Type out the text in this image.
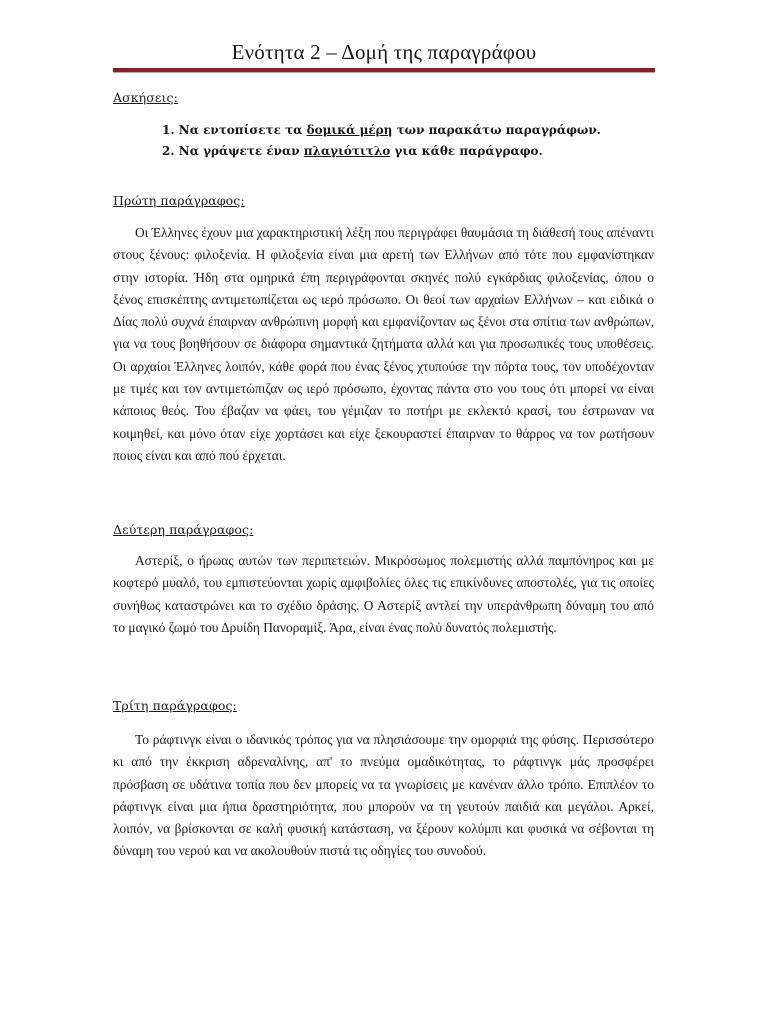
Ενότητα 2 – Δομή της παραγράφου
Ασκήσεις:
1. Να εντοπίσετε τα δομικά μέρη των παρακάτω παραγράφων.
2. Να γράψετε έναν πλαγιότιτλο για κάθε παράγραφο.
Πρώτη παράγραφος:

Οι Έλληνες έχουν μια χαρακτηριστική λέξη που περιγράφει θαυμάσια τη διάθεσή τους απέναντι στους ξένους: φιλοξενία. Η φιλοξενία είναι μια αρετή των Ελλήνων από τότε που εμφανίστηκαν στην ιστορία. Ήδη στα ομηρικά έπη περιγράφονται σκηνές πολύ εγκάρδιας φιλοξενίας, όπου ο ξένος επισκέπτης αντιμετωπίζεται ως ιερό πρόσωπο. Οι θεοί των αρχαίων Ελλήνων – και ειδικά ο Δίας πολύ συχνά έπαιρναν ανθρώπινη μορφή και εμφανίζονταν ως ξένοι στα σπίτια των ανθρώπων, για να τους βοηθήσουν σε διάφορα σημαντικά ζητήματα αλλά και για προσωπικές τους υποθέσεις. Οι αρχαίοι Έλληνες λοιπόν, κάθε φορά που ένας ξένος χτυπούσε την πόρτα τους, τον υποδέχονταν με τιμές και τον αντιμετώπιζαν ως ιερό πρόσωπο, έχοντας πάντα στο νου τους ότι μπορεί να είναι κάποιος θεός. Του έβαζαν να φάει, του γέμιζαν το ποτήρι με εκλεκτό κρασί, του έστρωναν να κοιμηθεί, και μόνο όταν είχε χορτάσει και είχε ξεκουραστεί έπαιρναν το θάρρος να τον ρωτήσουν ποιος είναι και από πού έρχεται.

Δεύτερη παράγραφος:

Αστερίξ, ο ήρωας αυτών των περιπετειών. Μικρόσωμος πολεμιστής αλλά παμπόνηρος και με κοφτερό μυαλό, του εμπιστεύονται χωρίς αμφιβολίες όλες τις επικίνδυνες αποστολές, για τις οποίες συνήθως καταστρώνει και το σχέδιο δράσης. Ο Αστερίξ αντλεί την υπεράνθρωπη δύναμη του από το μαγικό ζωμό του Δρυίδη Πανοραμίξ. Άρα, είναι ένας πολύ δυνατός πολεμιστής.

Τρίτη παράγραφος:

Το ράφτινγκ είναι ο ιδανικός τρόπος για να πλησιάσουμε την ομορφιά της φύσης. Περισσότερο κι από την έκκριση αδρεναλίνης, απ' το πνεύμα ομαδικότητας, το ράφτινγκ μάς προσφέρει πρόσβαση σε υδάτινα τοπία που δεν μπορείς να τα γνωρίσεις με κανέναν άλλο τρόπο. Επιπλέον το ράφτινγκ είναι μια ήπια δραστηριότητα, που μπορούν να τη γευτούν παιδιά και μεγάλοι. Αρκεί, λοιπόν, να βρίσκονται σε καλή φυσική κατάσταση, να ξέρουν κολύμπι και φυσικά να σέβονται τη δύναμη του νερού και να ακολουθούν πιστά τις οδηγίες του συνοδού.
